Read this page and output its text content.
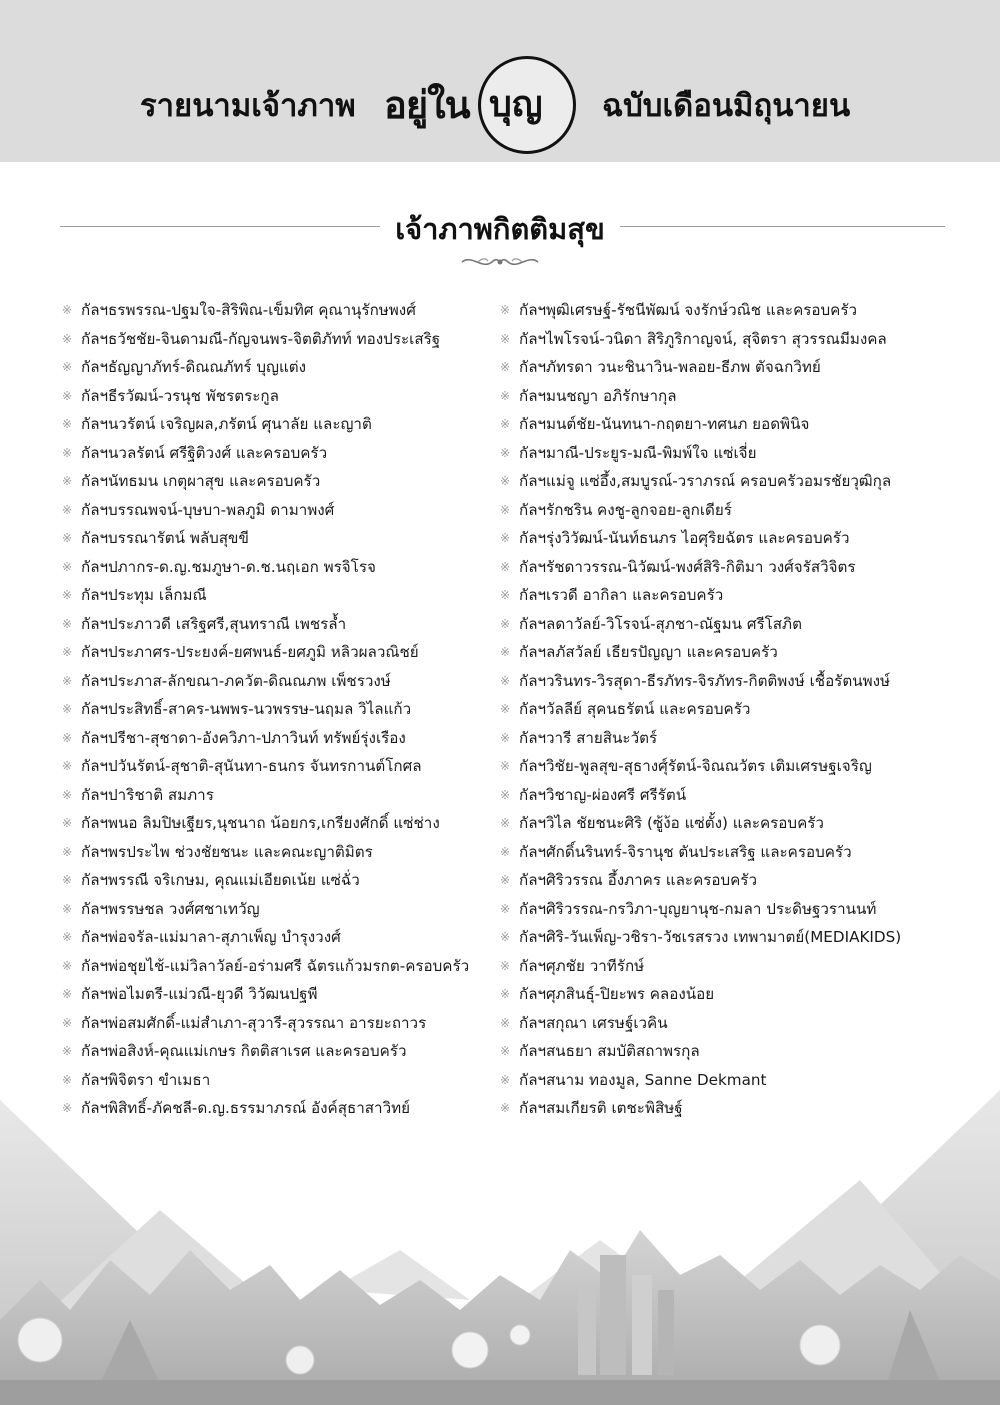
รายนามเจ้าภาพ อยู่ใน บุญ ฉบับเดือนมิถุนายน
เจ้าภาพกิตติมสุข
※ กัลฯธรพรรณ-ปฐมใจ-สิริพิณ-เข็มทิศ คุณานุรักษพงศ์
※ กัลฯธวัชชัย-จินดามณี-กัญจนพร-จิตติภัทท์ ทองประเสริฐ
※ กัลฯธัญญาภัทร์-ดิณณภัทร์ บุญแต่ง
※ กัลฯธีรวัฒน์-วรนุช พัชรตระกูล
※ กัลฯนวรัตน์ เจริญผล,ภรัตน์ ศุนาลัย และญาติ
※ กัลฯนวลรัตน์ ศรีฐิติวงศ์ และครอบครัว
※ กัลฯนัทธมน เกตุผาสุข และครอบครัว
※ กัลฯบรรณพจน์-บุษบา-พลภูมิ ดามาพงศ์
※ กัลฯบรรณารัตน์ พลับสุขขี
※ กัลฯปภากร-ด.ญ.ชมภูษา-ด.ช.นฤเอก พรจิโรจ
※ กัลฯประทุม เล็กมณี
※ กัลฯประภาวดี เสริฐศรี,สุนทราณี เพชรล้ำ
※ กัลฯประภาศร-ประยงค์-ยศพนธ์-ยศภูมิ หลิวผลวณิชย์
※ กัลฯประภาส-ลักขณา-ภควัต-ดิณณภพ เพ็ชรวงษ์
※ กัลฯประสิทธิ์-สาคร-นพพร-นวพรรษ-นฤมล วิไลแก้ว
※ กัลฯปรีชา-สุชาดา-อังควิภา-ปภาวินท์ ทรัพย์รุ่งเรือง
※ กัลฯปวันรัตน์-สุชาติ-สุนันทา-ธนกร จันทรกานต์โกศล
※ กัลฯปาริชาติ สมภาร
※ กัลฯพนอ ลิมปิษเฐียร,นุชนาถ น้อยกร,เกรียงศักดิ์ แซ่ช่าง
※ กัลฯพรประไพ ช่วงชัยชนะ และคณะญาติมิตร
※ กัลฯพรรณี จริเกษม, คุณแม่เอียดเน้ย แซ่ฉั่ว
※ กัลฯพรรษชล วงศ์ศชาเทวัญ
※ กัลฯพ่อจรัล-แม่มาลา-สุภาเพ็ญ บำรุงวงศ์
※ กัลฯพ่อชุยไช้-แม่วิลาวัลย์-อร่ามศรี ฉัตรแก้วมรกต-ครอบครัว
※ กัลฯพ่อไมตรี-แม่วณี-ยุวดี วิวัฒนปฐพี
※ กัลฯพ่อสมศักดิ์-แม่สำเภา-สุวารี-สุวรรณา อารยะถาวร
※ กัลฯพ่อสิงห์-คุณแม่เกษร กิตติสาเรศ และครอบครัว
※ กัลฯพิจิตรา ขำเมธา
※ กัลฯพิสิทธิ์-ภัคชลี-ด.ญ.ธรรมาภรณ์ อังค์สุธาสาวิทย์
※ กัลฯพุฒิเศรษฐ์-รัชนีพัฒน์ จงรักษ์วณิช และครอบครัว
※ กัลฯไพโรจน์-วนิดา สิริภูริกาญจน์, สุจิตรา สุวรรณมีมงคล
※ กัลฯภัทรดา วนะชินาวิน-พลอย-ธีภพ ตัจฉกวิทย์
※ กัลฯมนชญา อภิรักษากุล
※ กัลฯมนต์ชัย-นันทนา-กฤตยา-ทศนภ ยอดพินิจ
※ กัลฯมาณี-ประยูร-มณี-พิมพ์ใจ แซ่เจี่ย
※ กัลฯแม่จู แซ่อึ้ง,สมบูรณ์-วราภรณ์ ครอบครัวอมรชัยวุฒิกุล
※ กัลฯรักชริน คงชู-ลูกจอย-ลูกเดียร์
※ กัลฯรุ่งวิวัฒน์-นันท์ธนภร ไอศุริยฉัตร และครอบครัว
※ กัลฯรัชดาวรรณ-นิวัฒน์-พงศ์สิริ-กิติมา วงศ์จรัสวิจิตร
※ กัลฯเรวดี อากิลา และครอบครัว
※ กัลฯลดาวัลย์-วิโรจน์-สุภชา-ณัฐมน ศรีโสภิต
※ กัลฯลภัสวัลย์ เธียรปัญญา และครอบครัว
※ กัลฯวรินทร-วิรสุดา-ธีรภัทร-จิรภัทร-กิตติพงษ์ เชื้อรัตนพงษ์
※ กัลฯวัลลีย์ สุคนธรัตน์ และครอบครัว
※ กัลฯวารี สายสินะวัตร์
※ กัลฯวิชัย-พูลสุข-สุธางศุ์รัตน์-จิณณวัตร เติมเศรษฐเจริญ
※ กัลฯวิชาญ-ผ่องศรี ศรีรัตน์
※ กัลฯวิไล ชัยชนะศิริ (ซู้ง้อ แซ่ตั้ง) และครอบครัว
※ กัลฯศักดิ์นรินทร์-จิรานุช ตันประเสริฐ และครอบครัว
※ กัลฯศิริวรรณ อึ้งภาคร และครอบครัว
※ กัลฯศิริวรรณ-กรวิภา-บุญยานุช-กมลา ประดิษฐวรานนท์
※ กัลฯศิริ-วันเพ็ญ-วชิรา-วัชเรสรวง เทพามาตย์(MEDIAKIDS)
※ กัลฯศุภชัย วาทีรักษ์
※ กัลฯศุภสินธุ์-ปิยะพร คลองน้อย
※ กัลฯสกุณา เศรษฐ์เวคิน
※ กัลฯสนธยา สมบัติสถาพรกุล
※ กัลฯสนาม ทองมูล, Sanne Dekmant
※ กัลฯสมเกียรติ เตชะพิสิษฐ์
